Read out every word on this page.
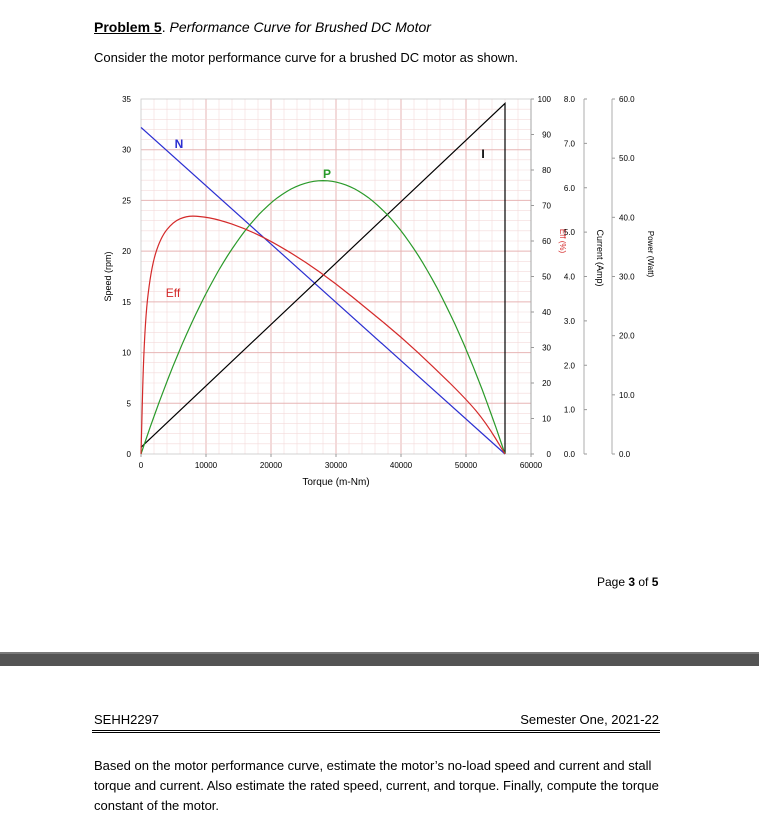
Problem 5. Performance Curve for Brushed DC Motor
Consider the motor performance curve for a brushed DC motor as shown.
0	10000	20000	30000	40000	50000	60000
Torque (m-Nm)
0
5
10
15
20
25
30
35
Speed (rpm)
0
10
20
30
40
50
60
70
80
90
100
Eff (%)
0.0
1.0
2.0
3.0
4.0
5.0
6.0
7.0
8.0
Current (Amp)
0.0
10.0
20.0
30.0
40.0
50.0
60.0
Power (Watt)
N
I
P
Eff
Page 3 of 5
SEHH2297	Semester One, 2021-22
Based on the motor performance curve, estimate the motor’s no-load speed and current and stall torque and current. Also estimate the rated speed, current, and torque. Finally, compute the torque constant of the motor.
